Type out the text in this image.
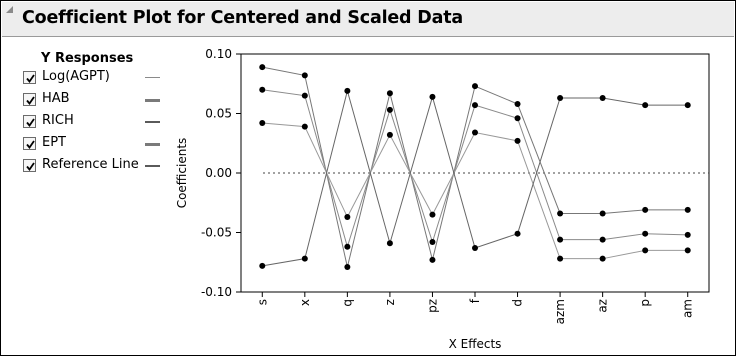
Coefficient Plot for Centered and Scaled Data
Y Responses
Log(AGPT)
HAB
RICH
EPT
Reference Line
0.10
0.05
0.00
-0.05
-0.10
s x q z pz f d azm az p am
X Effects
Coefficients
